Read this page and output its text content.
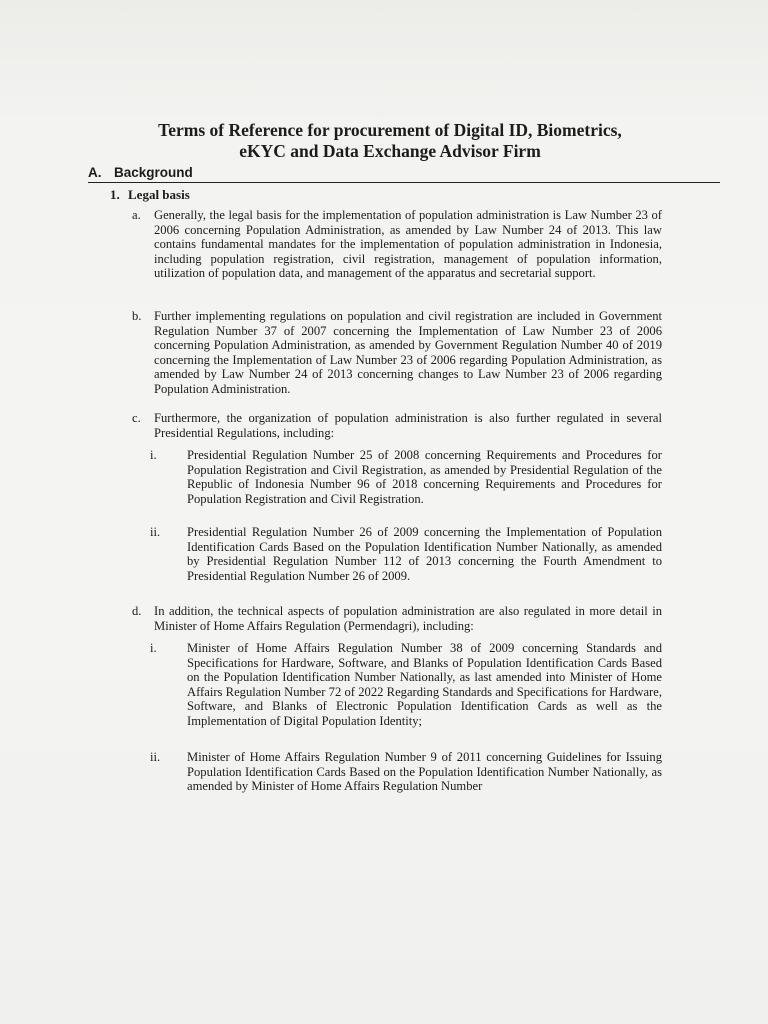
Terms of Reference for procurement of Digital ID, Biometrics,
eKYC and Data Exchange Advisor Firm
A. Background
1. Legal basis
a.	Generally, the legal basis for the implementation of population administration is Law Number 23 of 2006 concerning Population Administration, as amended by Law Number 24 of 2013. This law contains fundamental mandates for the implementation of population administration in Indonesia, including population registration, civil registration, management of population information, utilization of population data, and management of the apparatus and secretarial support.
b. Further implementing regulations on population and civil registration are included in Government Regulation Number 37 of 2007 concerning the Implementation of Law Number 23 of 2006 concerning Population Administration, as amended by Government Regulation Number 40 of 2019 concerning the Implementation of Law Number 23 of 2006 regarding Population Administration, as amended by Law Number 24 of 2013 concerning changes to Law Number 23 of 2006 regarding Population Administration.
c.	Furthermore, the organization of population administration is also further regulated in several Presidential Regulations, including:
i.	Presidential Regulation Number 25 of 2008 concerning Requirements and Procedures for Population Registration and Civil Registration, as amended by Presidential Regulation of the Republic of Indonesia Number 96 of 2018 concerning Requirements and Procedures for Population Registration and Civil Registration.
ii.	Presidential Regulation Number 26 of 2009 concerning the Implementation of Population Identification Cards Based on the Population Identification Number Nationally, as amended by Presidential Regulation Number 112 of 2013 concerning the Fourth Amendment to Presidential Regulation Number 26 of 2009.
d. In addition, the technical aspects of population administration are also regulated in more detail in Minister of Home Affairs Regulation (Permendagri), including:
i.	Minister of Home Affairs Regulation Number 38 of 2009 concerning Standards and Specifications for Hardware, Software, and Blanks of Population Identification Cards Based on the Population Identification Number Nationally, as last amended into Minister of Home Affairs Regulation Number 72 of 2022 Regarding Standards and Specifications for Hardware, Software, and Blanks of Electronic Population Identification Cards as well as the Implementation of Digital Population Identity;
ii.	Minister of Home Affairs Regulation Number 9 of 2011 concerning Guidelines for Issuing Population Identification Cards Based on the Population Identification Number Nationally, as amended by Minister of Home Affairs Regulation Number
